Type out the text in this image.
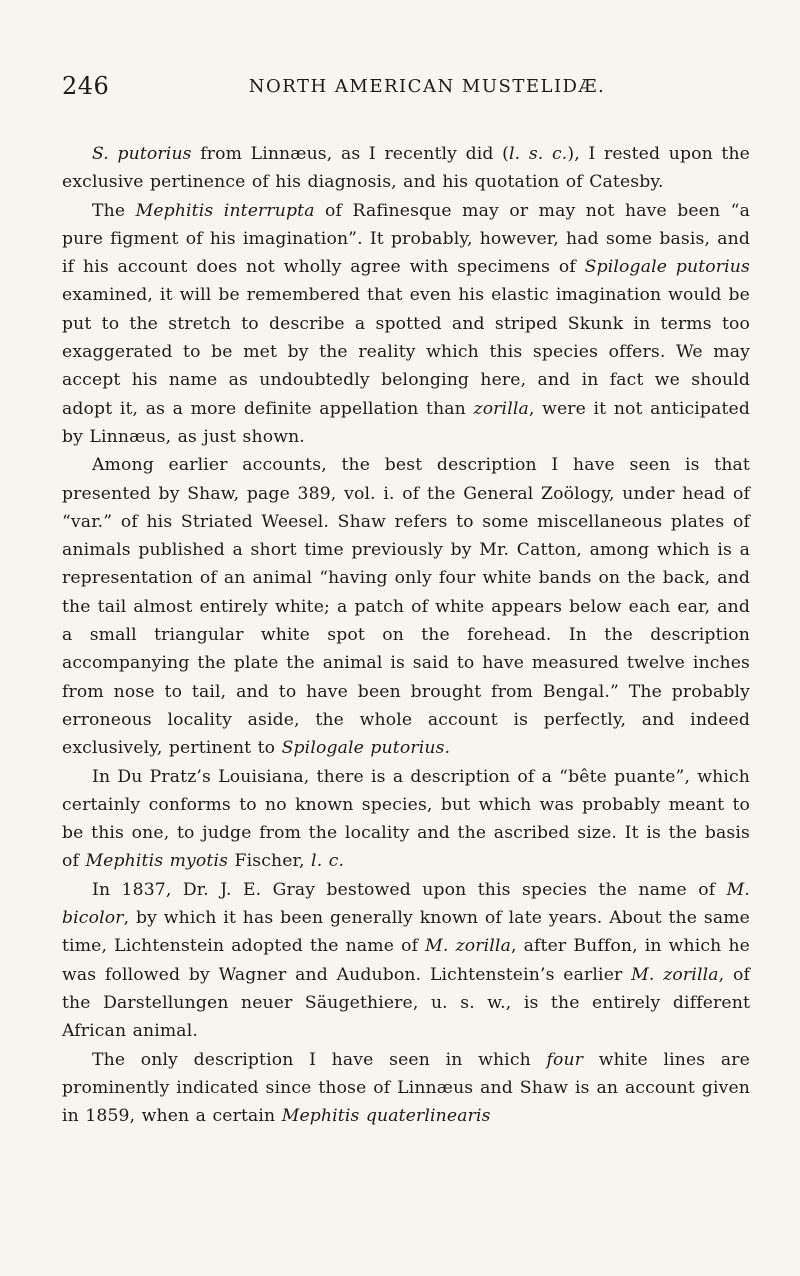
246	NORTH AMERICAN MUSTELIDÆ.

S. putorius from Linnæus, as I recently did (l. s. c.), I rested upon the exclusive pertinence of his diagnosis, and his quotation of Catesby.

The Mephitis interrupta of Rafinesque may or may not have been “a pure figment of his imagination”. It probably, however, had some basis, and if his account does not wholly agree with specimens of Spilogale putorius examined, it will be remembered that even his elastic imagination would be put to the stretch to describe a spotted and striped Skunk in terms too exaggerated to be met by the reality which this species offers. We may accept his name as undoubtedly belonging here, and in fact we should adopt it, as a more definite appellation than zorilla, were it not anticipated by Linnæus, as just shown.

Among earlier accounts, the best description I have seen is that presented by Shaw, page 389, vol. i. of the General Zoölogy, under head of “var.” of his Striated Weesel. Shaw refers to some miscellaneous plates of animals published a short time previously by Mr. Catton, among which is a representation of an animal “having only four white bands on the back, and the tail almost entirely white; a patch of white appears below each ear, and a small triangular white spot on the forehead. In the description accompanying the plate the animal is said to have measured twelve inches from nose to tail, and to have been brought from Bengal.” The probably erroneous locality aside, the whole account is perfectly, and indeed exclusively, pertinent to Spilogale putorius.

In Du Pratz’s Louisiana, there is a description of a “bête puante”, which certainly conforms to no known species, but which was probably meant to be this one, to judge from the locality and the ascribed size. It is the basis of Mephitis myotis Fischer, l. c.

In 1837, Dr. J. E. Gray bestowed upon this species the name of M. bicolor, by which it has been generally known of late years. About the same time, Lichtenstein adopted the name of M. zorilla, after Buffon, in which he was followed by Wagner and Audubon. Lichtenstein’s earlier M. zorilla, of the Darstellungen neuer Säugethiere, u. s. w., is the entirely different African animal.

The only description I have seen in which four white lines are prominently indicated since those of Linnæus and Shaw is an account given in 1859, when a certain Mephitis quaterlinearis
